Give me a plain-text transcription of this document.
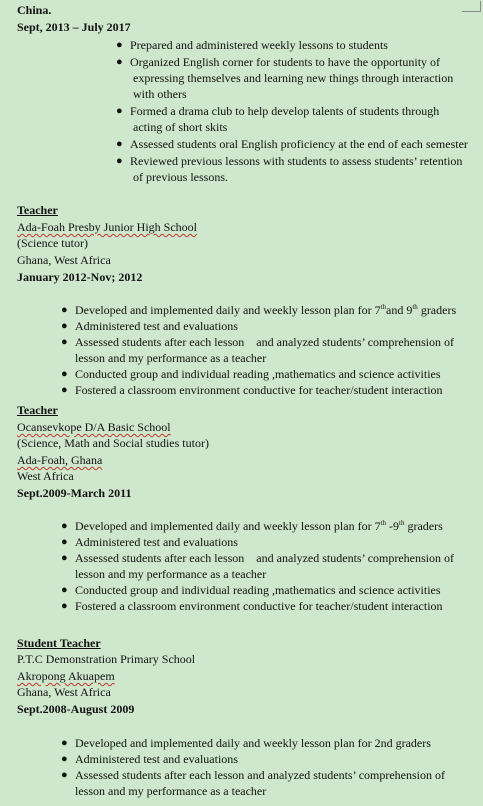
China.
Sept, 2013 – July 2017
● Prepared and administered weekly lessons to students
● Organized English corner for students to have the opportunity of
expressing themselves and learning new things through interaction
with others
● Formed a drama club to help develop talents of students through
acting of short skits
● Assessed students oral English proficiency at the end of each semester
● Reviewed previous lessons with students to assess students’ retention
of previous lessons.
Teacher
Ada-Foah Presby Junior High School
(Science tutor)
Ghana, West Africa
January 2012-Nov; 2012
● Developed and implemented daily and weekly lesson plan for 7thand 9th graders
● Administered test and evaluations
● Assessed students after each lesson    and analyzed students’ comprehension of
lesson and my performance as a teacher
● Conducted group and individual reading ,mathematics and science activities
● Fostered a classroom environment conductive for teacher/student interaction
Teacher
Ocansevkope D/A Basic School
(Science, Math and Social studies tutor)
Ada-Foah, Ghana
West Africa
Sept.2009-March 2011
● Developed and implemented daily and weekly lesson plan for 7th -9th graders
● Administered test and evaluations
● Assessed students after each lesson    and analyzed students’ comprehension of
lesson and my performance as a teacher
● Conducted group and individual reading ,mathematics and science activities
● Fostered a classroom environment conductive for teacher/student interaction
Student Teacher
P.T.C Demonstration Primary School
Akropong Akuapem
Ghana, West Africa
Sept.2008-August 2009
● Developed and implemented daily and weekly lesson plan for 2nd graders
● Administered test and evaluations
● Assessed students after each lesson and analyzed students’ comprehension of
lesson and my performance as a teacher
